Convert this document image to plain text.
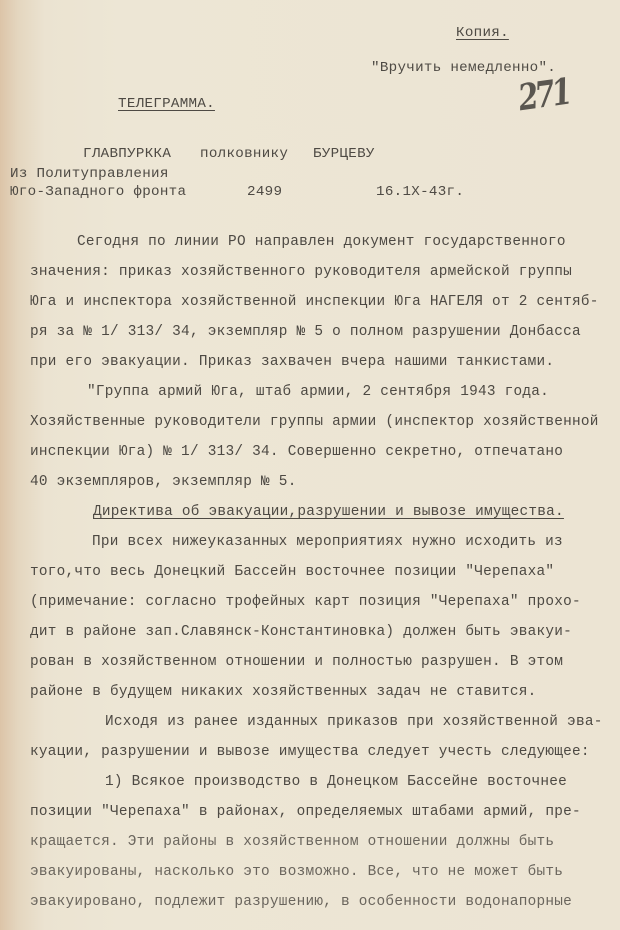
Копия.
"Вручить немедленно".
271
ТЕЛЕГРАММА.
ГЛАВПУРККА полковнику БУРЦЕВУ
Из Политуправления
Юго-Западного фронта	2499	16.1Х-43г.
Сегодня по линии РО направлен документ государственного
значения: приказ хозяйственного руководителя армейской группы
Юга и инспектора хозяйственной инспекции Юга НАГЕЛЯ от 2 сентяб-
ря за № 1/ 313/ 34, экземпляр № 5 о полном разрушении Донбасса
при его эвакуации. Приказ захвачен вчера нашими танкистами.
"Группа армий Юга, штаб армии, 2 сентября 1943 года.
Хозяйственные руководители группы армии (инспектор хозяйственной
инспекции Юга) № 1/ 313/ 34. Совершенно секретно, отпечатано
40 экземпляров, экземпляр № 5.
Директива об эвакуации,разрушении и вывозе имущества.
При всех нижеуказанных мероприятиях нужно исходить из
того,что весь Донецкий Бассейн восточнее позиции "Черепаха"
(примечание: согласно трофейных карт позиция "Черепаха" прохо-
дит в районе зап.Славянск-Константиновка) должен быть эвакуи-
рован в хозяйственном отношении и полностью разрушен. В этом
районе в будущем никаких хозяйственных задач не ставится.
Исходя из ранее изданных приказов при хозяйственной эва-
куации, разрушении и вывозе имущества следует учесть следующее:
1) Всякое производство в Донецком Бассейне восточнее
позиции "Черепаха" в районах, определяемых штабами армий, пре-
кращается. Эти районы в хозяйственном отношении должны быть
эвакуированы, насколько это возможно. Все, что не может быть
эвакуировано, подлежит разрушению, в особенности водонапорные
